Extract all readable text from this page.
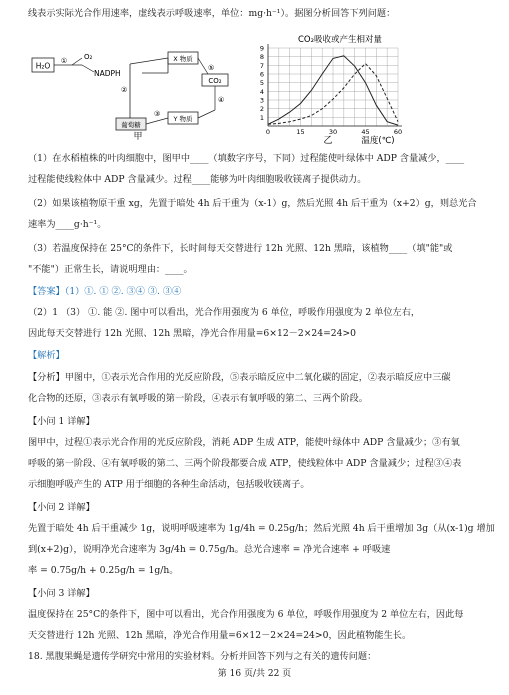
线表示实际光合作用速率，虚线表示呼吸速率，单位：mg·h⁻¹）。据图分析回答下列问题：
H₂O
① O₂
NADPH
X 物质
⑤
CO₂
④
Y 物质
②
葡萄糖
③
甲
CO₂吸收或产生相对量
1
2
3
4
5
6
7
8
9
0	15	30	45	60
乙	温度(℃)
（1）在水稻植株的叶肉细胞中，图甲中____（填数字序号，下同）过程能使叶绿体中 ADP 含量减少，____
过程能使线粒体中 ADP 含量减少。过程____能够为叶肉细胞吸收镁离子提供动力。
（2）如果该植物原干重 xg，先置于暗处 4h 后干重为（x-1）g，然后光照 4h 后干重为（x+2）g，则总光合
速率为____g·h⁻¹。
（3）若温度保持在 25°C的条件下，长时间每天交替进行 12h 光照、12h 黑暗，该植物____（填"能"或
"不能"）正常生长，请说明理由：____。
【答案】（1）①. ① ②. ③④ ③. ③④
（2）1 （3） ①. 能 ②. 图中可以看出，光合作用强度为 6 单位，呼吸作用强度为 2 单位左右，
因此每天交替进行 12h 光照、12h 黑暗，净光合作用量=6×12－2×24=24>0
【解析】
【分析】甲图中，①表示光合作用的光反应阶段，⑤表示暗反应中二氧化碳的固定，②表示暗反应中三碳
化合物的还原，③表示有氧呼吸的第一阶段，④表示有氧呼吸的第二、三两个阶段。
【小问 1 详解】
图甲中，过程①表示光合作用的光反应阶段，消耗 ADP 生成 ATP，能使叶绿体中 ADP 含量减少；③有氧
呼吸的第一阶段、④有氧呼吸的第二、三两个阶段都要合成 ATP，使线粒体中 ADP 含量减少；过程③④表
示细胞呼吸产生的 ATP 用于细胞的各种生命活动，包括吸收镁离子。
【小问 2 详解】
先置于暗处 4h 后干重减少 1g，说明呼吸速率为 1g/4h = 0.25g/h；然后光照 4h 后干重增加 3g（从(x-1)g 增加
到(x+2)g），说明净光合速率为 3g/4h = 0.75g/h。总光合速率 = 净光合速率 + 呼吸速
率 = 0.75g/h + 0.25g/h = 1g/h。
【小问 3 详解】
温度保持在 25°C的条件下，图中可以看出，光合作用强度为 6 单位，呼吸作用强度为 2 单位左右，因此每
天交替进行 12h 光照、12h 黑暗，净光合作用量=6×12－2×24=24>0，因此植物能生长。
18. 黑腹果蝇是遗传学研究中常用的实验材料。分析并回答下列与之有关的遗传问题：
第 16 页/共 22 页
